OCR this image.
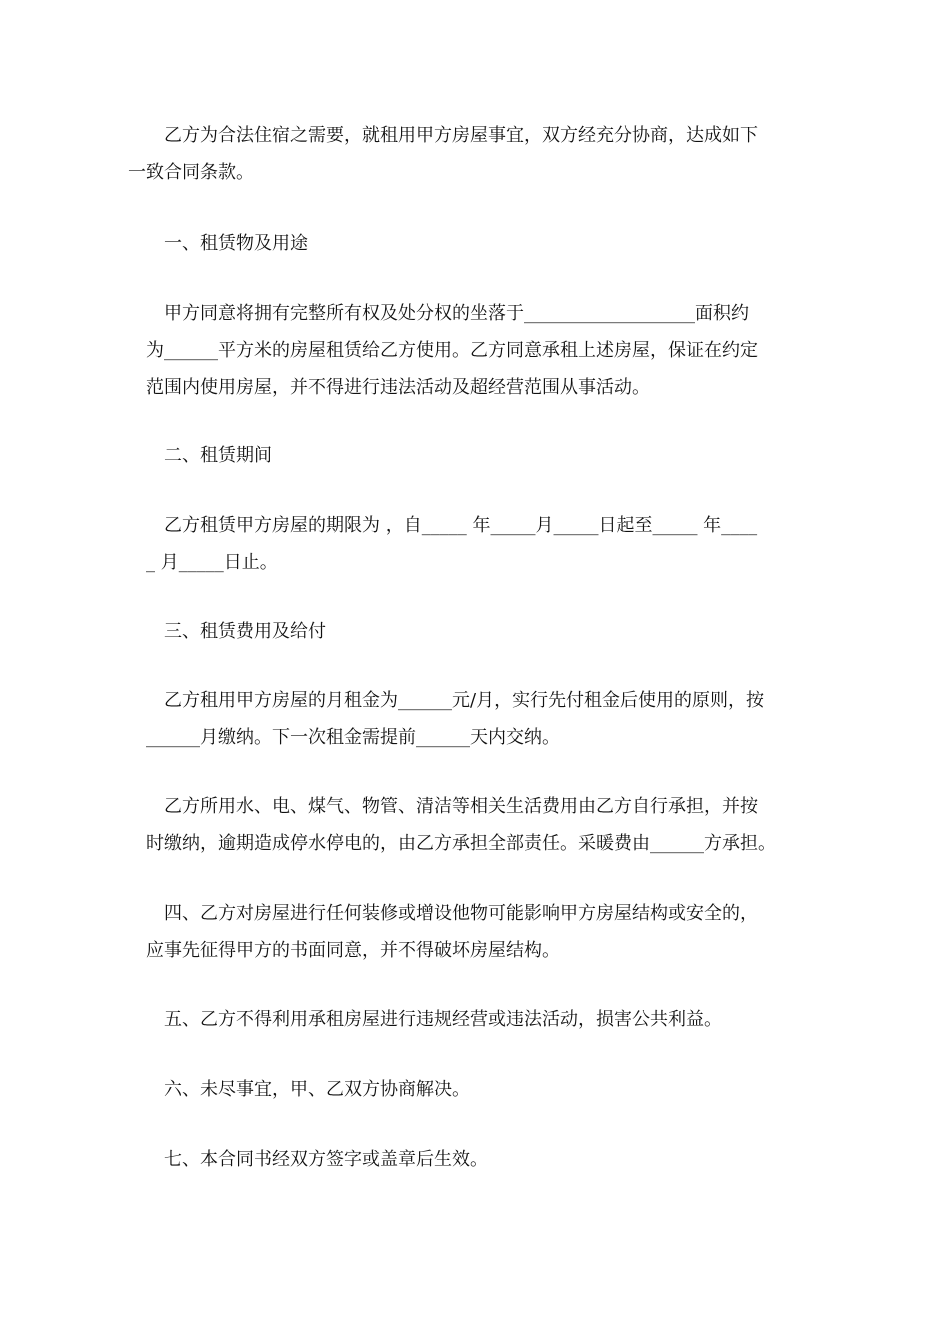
乙方为合法住宿之需要，就租用甲方房屋事宜，双方经充分协商，达成如下
一致合同条款。
一、租赁物及用途
甲方同意将拥有完整所有权及处分权的坐落于___________________面积约
为______平方米的房屋租赁给乙方使用。乙方同意承租上述房屋，保证在约定
范围内使用房屋，并不得进行违法活动及超经营范围从事活动。
二、租赁期间
乙方租赁甲方房屋的期限为 ，自_____ 年_____月_____日起至_____ 年____
_ 月_____日止。
三、租赁费用及给付
乙方租用甲方房屋的月租金为______元/月，实行先付租金后使用的原则，按
______月缴纳。下一次租金需提前______天内交纳。
乙方所用水、电、煤气、物管、清洁等相关生活费用由乙方自行承担，并按
时缴纳，逾期造成停水停电的，由乙方承担全部责任。采暖费由______方承担。
四、乙方对房屋进行任何装修或增设他物可能影响甲方房屋结构或安全的，
应事先征得甲方的书面同意，并不得破坏房屋结构。
五、乙方不得利用承租房屋进行违规经营或违法活动，损害公共利益。
六、未尽事宜，甲、乙双方协商解决。
七、本合同书经双方签字或盖章后生效。
